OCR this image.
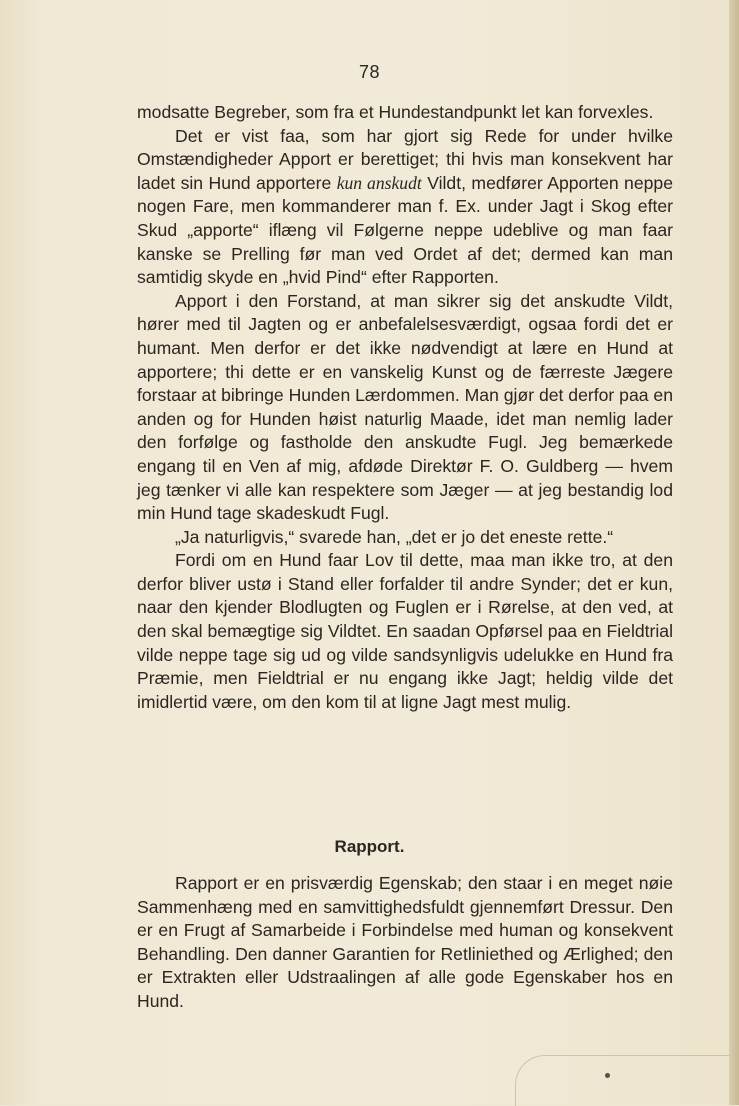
78

modsatte Begreber, som fra et Hundestandpunkt let kan forvexles.

Det er vist faa, som har gjort sig Rede for under hvilke Omstændigheder Apport er berettiget; thi hvis man konsekvent har ladet sin Hund apportere kun anskudt Vildt, medfører Apporten neppe nogen Fare, men kommanderer man f. Ex. under Jagt i Skog efter Skud „apporte“ iflæng vil Følgerne neppe udeblive og man faar kanske se Prelling før man ved Ordet af det; dermed kan man samtidig skyde en „hvid Pind“ efter Rapporten.

Apport i den Forstand, at man sikrer sig det anskudte Vildt, hører med til Jagten og er anbefalelsesværdigt, ogsaa fordi det er humant. Men derfor er det ikke nødvendigt at lære en Hund at apportere; thi dette er en vanskelig Kunst og de færreste Jægere forstaar at bibringe Hunden Lærdommen. Man gjør det derfor paa en anden og for Hunden høist naturlig Maade, idet man nemlig lader den forfølge og fastholde den anskudte Fugl. Jeg bemærkede engang til en Ven af mig, afdøde Direktør F. O. Guldberg — hvem jeg tænker vi alle kan respektere som Jæger — at jeg bestandig lod min Hund tage skadeskudt Fugl.

„Ja naturligvis,“ svarede han, „det er jo det eneste rette.“

Fordi om en Hund faar Lov til dette, maa man ikke tro, at den derfor bliver ustø i Stand eller forfalder til andre Synder; det er kun, naar den kjender Blodlugten og Fuglen er i Rørelse, at den ved, at den skal bemægtige sig Vildtet. En saadan Opførsel paa en Fieldtrial vilde neppe tage sig ud og vilde sandsynligvis udelukke en Hund fra Præmie, men Fieldtrial er nu engang ikke Jagt; heldig vilde det imidlertid være, om den kom til at ligne Jagt mest mulig.

Rapport.

Rapport er en prisværdig Egenskab; den staar i en meget nøie Sammenhæng med en samvittighedsfuldt gjennemført Dressur. Den er en Frugt af Samarbeide i Forbindelse med human og konsekvent Behandling. Den danner Garantien for Retliniethed og Ærlighed; den er Extrakten eller Udstraalingen af alle gode Egenskaber hos en Hund.
